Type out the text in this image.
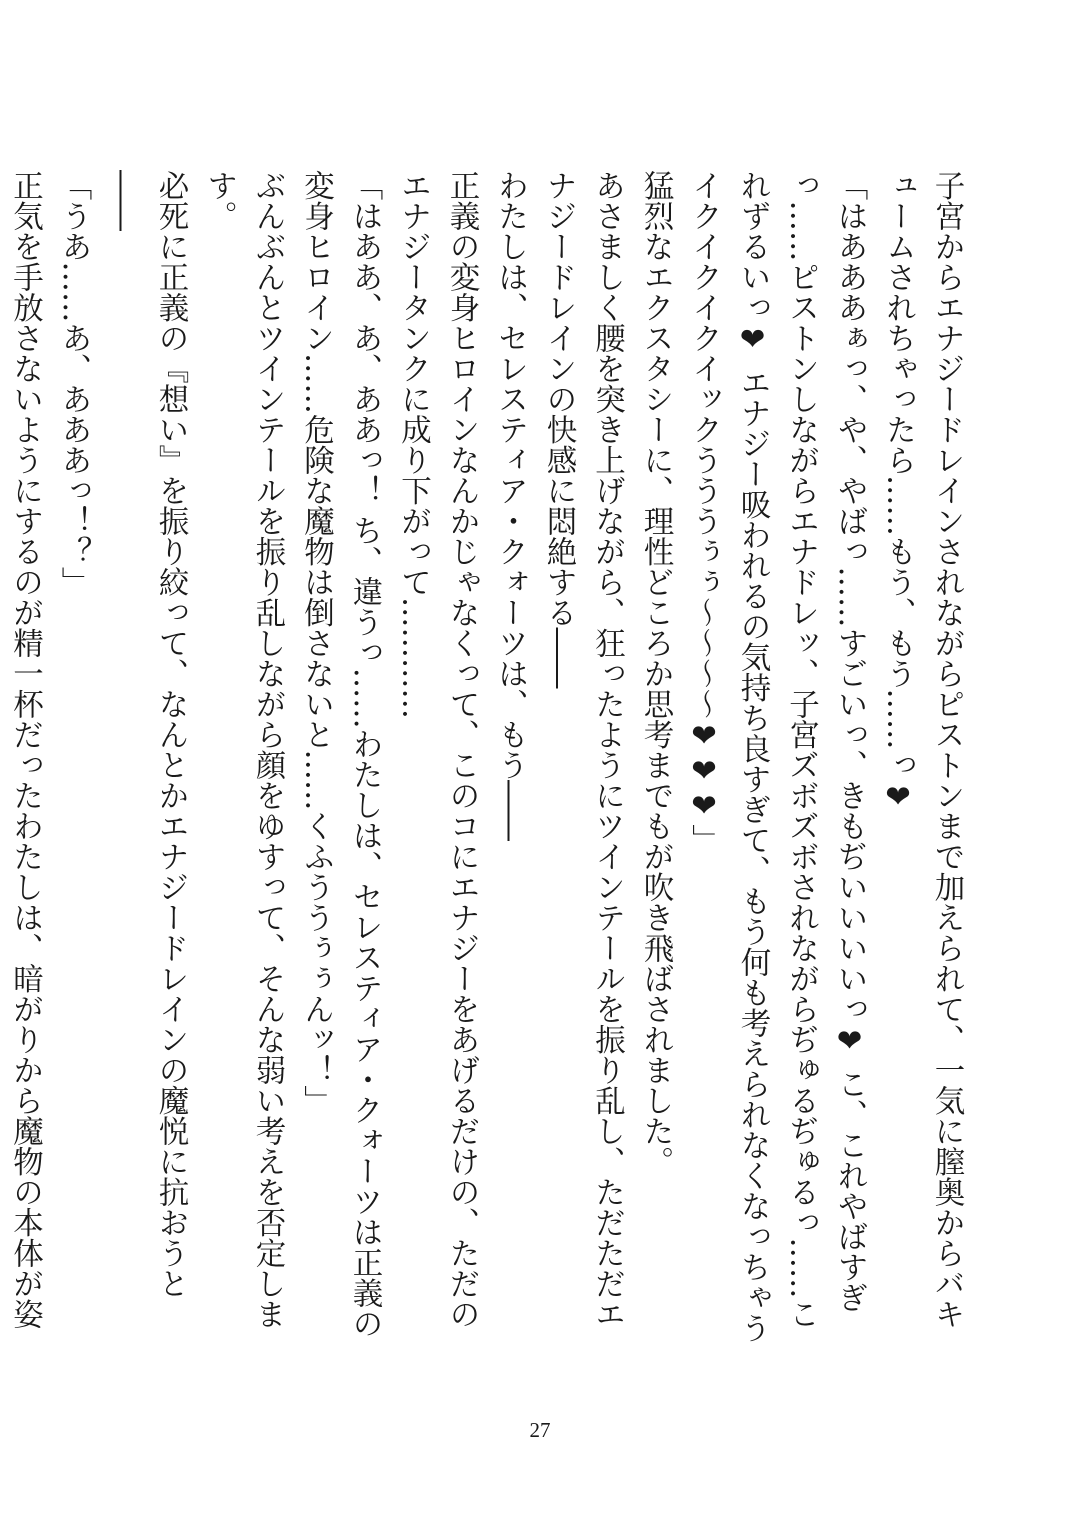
子宮からエナジードレインされながらピストンまで加えられて、一気に膣奥からバキュームされちゃったら……もう、もう……っ❤

「はあああぁっ、や、やばっ……すごいっ、きもぢいいいいっ❤ こ、これやばすぎっ……ピストンしながらエナドレッ、子宮ズボズボされながらぢゅるぢゅるっ……これずるいっ❤ エナジー吸われるの気持ち良すぎて、もう何も考えられなくなっちゃうイクイクイクイックうううぅぅ～～～～❤❤❤」

猛烈なエクスタシーに、理性どころか思考までもが吹き飛ばされました。

あさましく腰を突き上げながら、狂ったようにツインテールを振り乱し、ただただエナジードレインの快感に悶絶する――

わたしは、セレスティア・クォーツは、もう――

正義の変身ヒロインなんかじゃなくって、このコにエナジーをあげるだけの、ただのエナジータンクに成り下がって…………

「はああ、あ、ああっ！ ち、違うっ……わたしは、セレスティア・クォーツは正義の変身ヒロイン……危険な魔物は倒さないと……くふううぅぅんッ！」

ぶんぶんとツインテールを振り乱しながら顔をゆすって、そんな弱い考えを否定します。

必死に正義の『想い』を振り絞って、なんとかエナジードレインの魔悦に抗おうと――

「うあ……あ、あああっ！？」

正気を手放さないようにするのが精一杯だったわたしは、暗がりから魔物の本体が姿

27
